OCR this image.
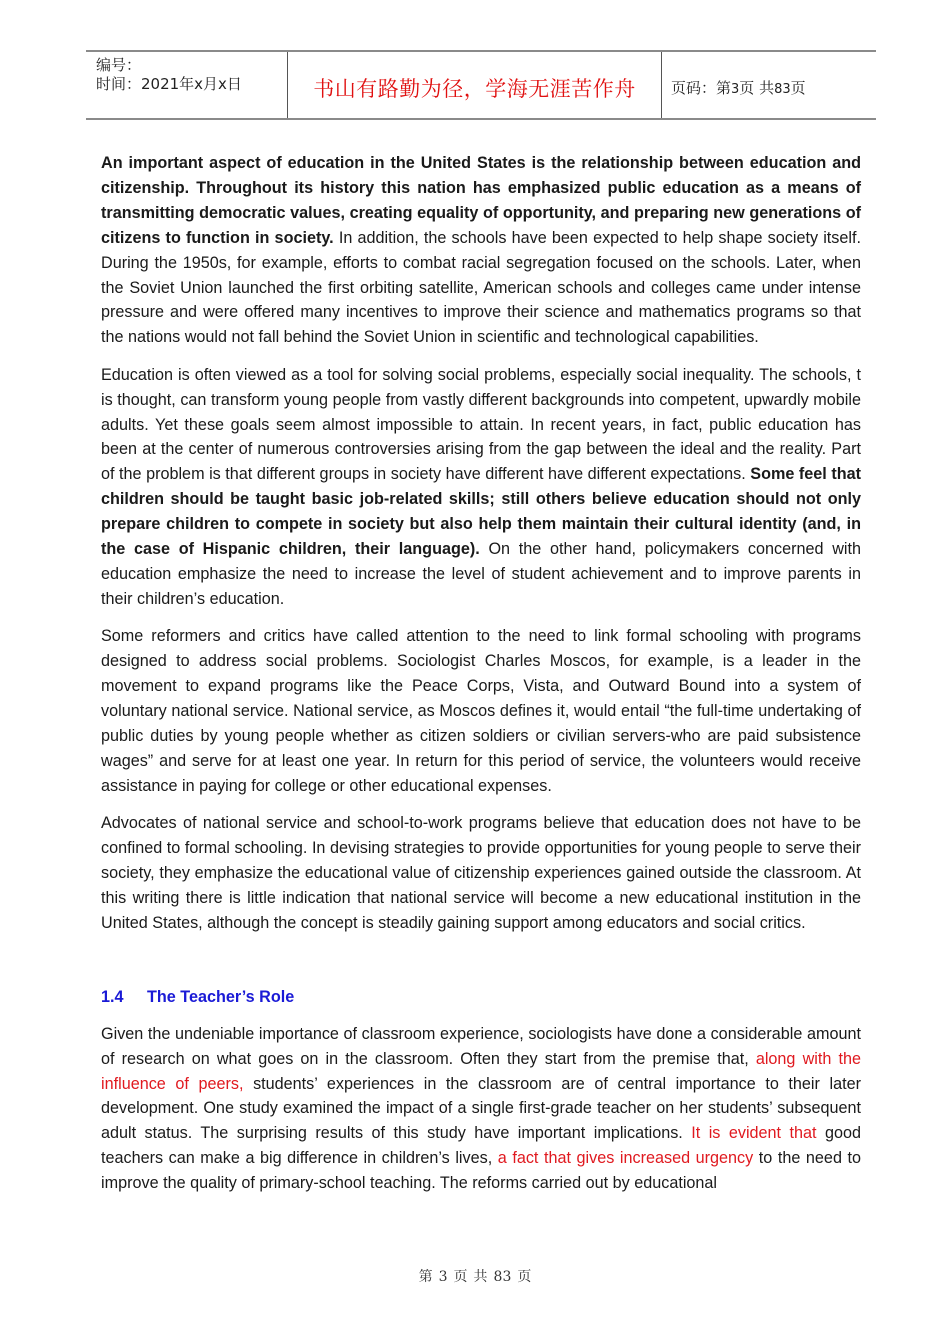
编号：
时间：2021年x月x日	书山有路勤为径，学海无涯苦作舟	页码：第3页 共83页

An important aspect of education in the United States is the relationship between education and citizenship. Throughout its history this nation has emphasized public education as a means of transmitting democratic values, creating equality of opportunity, and preparing new generations of citizens to function in society. In addition, the schools have been expected to help shape society itself. During the 1950s, for example, efforts to combat racial segregation focused on the schools. Later, when the Soviet Union launched the first orbiting satellite, American schools and colleges came under intense pressure and were offered many incentives to improve their science and mathematics programs so that the nations would not fall behind the Soviet Union in scientific and technological capabilities.

Education is often viewed as a tool for solving social problems, especially social inequality. The schools, t is thought, can transform young people from vastly different backgrounds into competent, upwardly mobile adults. Yet these goals seem almost impossible to attain. In recent years, in fact, public education has been at the center of numerous controversies arising from the gap between the ideal and the reality. Part of the problem is that different groups in society have different have different expectations. Some feel that children should be taught basic job-related skills; still others believe education should not only prepare children to compete in society but also help them maintain their cultural identity (and, in the case of Hispanic children, their language). On the other hand, policymakers concerned with education emphasize the need to increase the level of student achievement and to improve parents in their children’s education.

Some reformers and critics have called attention to the need to link formal schooling with programs designed to address social problems. Sociologist Charles Moscos, for example, is a leader in the movement to expand programs like the Peace Corps, Vista, and Outward Bound into a system of voluntary national service. National service, as Moscos defines it, would entail “the full-time undertaking of public duties by young people whether as citizen soldiers or civilian servers-who are paid subsistence wages” and serve for at least one year. In return for this period of service, the volunteers would receive assistance in paying for college or other educational expenses.

Advocates of national service and school-to-work programs believe that education does not have to be confined to formal schooling. In devising strategies to provide opportunities for young people to serve their society, they emphasize the educational value of citizenship experiences gained outside the classroom. At this writing there is little indication that national service will become a new educational institution in the United States, although the concept is steadily gaining support among educators and social critics.

1.4 The Teacher’s Role

Given the undeniable importance of classroom experience, sociologists have done a considerable amount of research on what goes on in the classroom. Often they start from the premise that, along with the influence of peers, students’ experiences in the classroom are of central importance to their later development. One study examined the impact of a single first-grade teacher on her students’ subsequent adult status. The surprising results of this study have important implications. It is evident that good teachers can make a big difference in children’s lives, a fact that gives increased urgency to the need to improve the quality of primary-school teaching. The reforms carried out by educational

第 3 页 共 83 页
